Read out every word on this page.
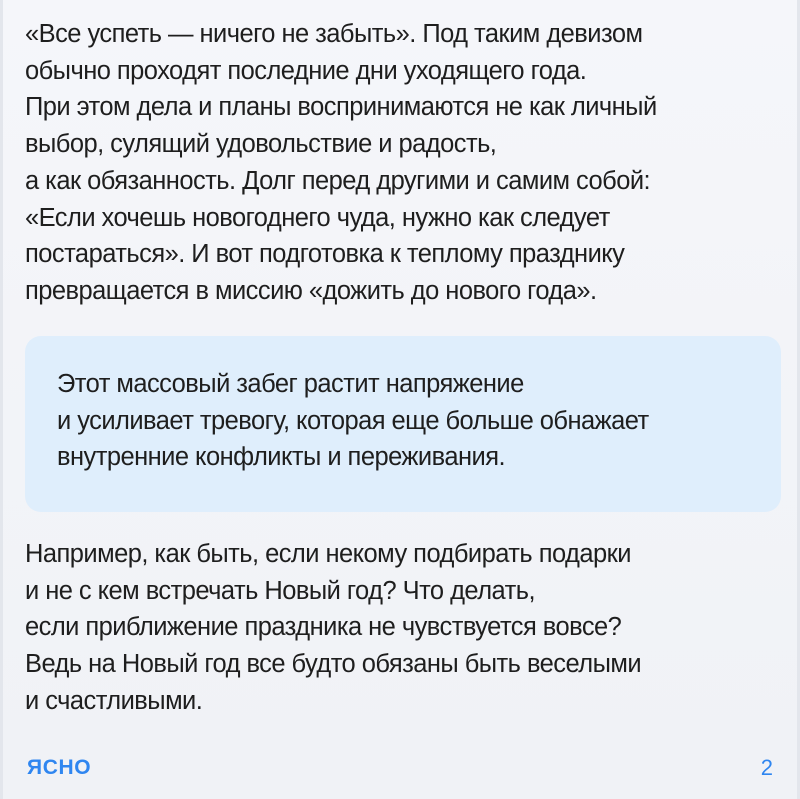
«Все успеть — ничего не забыть». Под таким девизом
обычно проходят последние дни уходящего года.
При этом дела и планы воспринимаются не как личный
выбор, сулящий удовольствие и радость,
а как обязанность. Долг перед другими и самим собой:
«Если хочешь новогоднего чуда, нужно как следует
постараться». И вот подготовка к теплому празднику
превращается в миссию «дожить до нового года».
Этот массовый забег растит напряжение
и усиливает тревогу, которая еще больше обнажает
внутренние конфликты и переживания.
Например, как быть, если некому подбирать подарки
и не с кем встречать Новый год? Что делать,
если приближение праздника не чувствуется вовсе?
Ведь на Новый год все будто обязаны быть веселыми
и счастливыми.
ЯСНО	2
